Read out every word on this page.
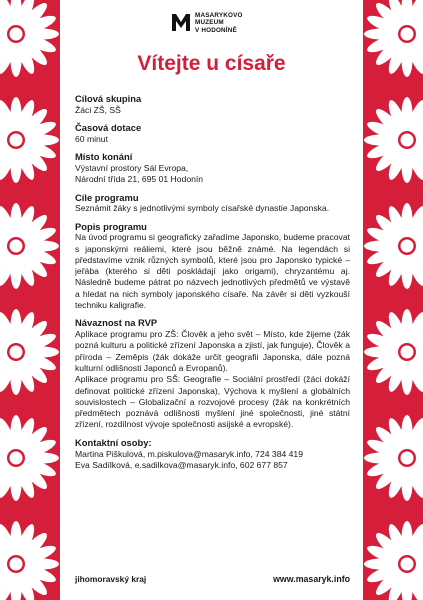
MASARYKOVO
MUZEUM
V HODONÍNĚ
Vítejte u císaře
Cílová skupina

Žáci ZŠ, SŠ

Časová dotace

60 minut

Místo konání

Výstavní prostory Sál Evropa,

Národní třída 21, 695 01 Hodonín

Cíle programu

Seznámit žáky s jednotlivými symboly císařské dynastie Japonska.

Popis programu

Na úvod programu si geograficky zařadíme Japonsko, budeme pracovat s japonskými reáliemi, které jsou běžně známé. Na legendách si představíme vznik různých symbolů, které jsou pro Japonsko typické – jeřába (kterého si děti poskládají jako origami), chryzantému aj. Následně budeme pátrat po názvech jednotlivých předmětů ve výstavě a hledat na nich symboly japonského císaře. Na závěr si děti vyzkouší techniku kaligrafie.

Návaznost na RVP

Aplikace programu pro ZŠ: Člověk a jeho svět – Místo, kde žijeme (žák pozná kulturu a politické zřízení Japonska a zjistí, jak funguje), Člověk a příroda – Zeměpis (žák dokáže určit geografii Japonska, dále pozná kulturní odlišnosti Japonců a Evropanů).

Aplikace programu pro SŠ: Geografie – Sociální prostředí (žáci dokáží definovat politické zřízení Japonska), Výchova k myšlení a globálních souvislostech – Globalizační a rozvojové procesy (žák na konkrétních předmětech poznává odlišnosti myšlení jiné společnosti, jiné státní zřízení, rozdílnost vývoje společnosti asijské a evropské).

Kontaktní osoby:

Martina Piškulová, m.piskulova@masaryk.info, 724 384 419

Eva Sadílková, e.sadilkova@masaryk.info, 602 677 857

jihomoravský kraj	www.masaryk.info
